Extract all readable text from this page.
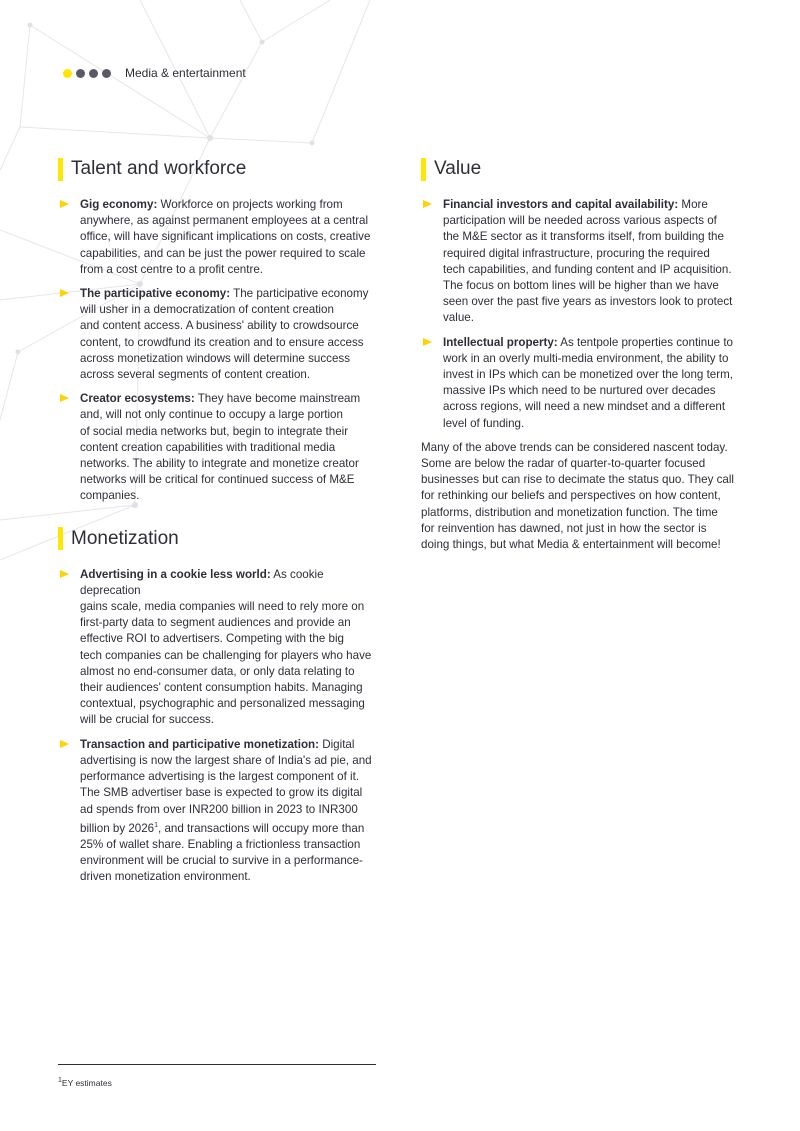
Media & entertainment
Talent and workforce
Gig economy: Workforce on projects working from
anywhere, as against permanent employees at a central
office, will have significant implications on costs, creative
capabilities, and can be just the power required to scale
from a cost centre to a profit centre.
The participative economy: The participative economy
will usher in a democratization of content creation
and content access. A business' ability to crowdsource
content, to crowdfund its creation and to ensure access
across monetization windows will determine success
across several segments of content creation.
Creator ecosystems: They have become mainstream
and, will not only continue to occupy a large portion
of social media networks but, begin to integrate their
content creation capabilities with traditional media
networks. The ability to integrate and monetize creator
networks will be critical for continued success of M&E
companies.
Monetization
Advertising in a cookie less world: As cookie deprecation
gains scale, media companies will need to rely more on
first-party data to segment audiences and provide an
effective ROI to advertisers. Competing with the big
tech companies can be challenging for players who have
almost no end-consumer data, or only data relating to
their audiences' content consumption habits. Managing
contextual, psychographic and personalized messaging
will be crucial for success.
Transaction and participative monetization: Digital
advertising is now the largest share of India's ad pie, and
performance advertising is the largest component of it.
The SMB advertiser base is expected to grow its digital
ad spends from over INR200 billion in 2023 to INR300
billion by 2026$^1$, and transactions will occupy more than
25% of wallet share. Enabling a frictionless transaction
environment will be crucial to survive in a performance-
driven monetization environment.
Value
Financial investors and capital availability: More
participation will be needed across various aspects of
the M&E sector as it transforms itself, from building the
required digital infrastructure, procuring the required
tech capabilities, and funding content and IP acquisition.
The focus on bottom lines will be higher than we have
seen over the past five years as investors look to protect
value.
Intellectual property: As tentpole properties continue to
work in an overly multi-media environment, the ability to
invest in IPs which can be monetized over the long term,
massive IPs which need to be nurtured over decades
across regions, will need a new mindset and a different
level of funding.
Many of the above trends can be considered nascent today.
Some are below the radar of quarter-to-quarter focused
businesses but can rise to decimate the status quo. They call
for rethinking our beliefs and perspectives on how content,
platforms, distribution and monetization function. The time
for reinvention has dawned, not just in how the sector is
doing things, but what Media & entertainment will become!
$^1$EY estimates
